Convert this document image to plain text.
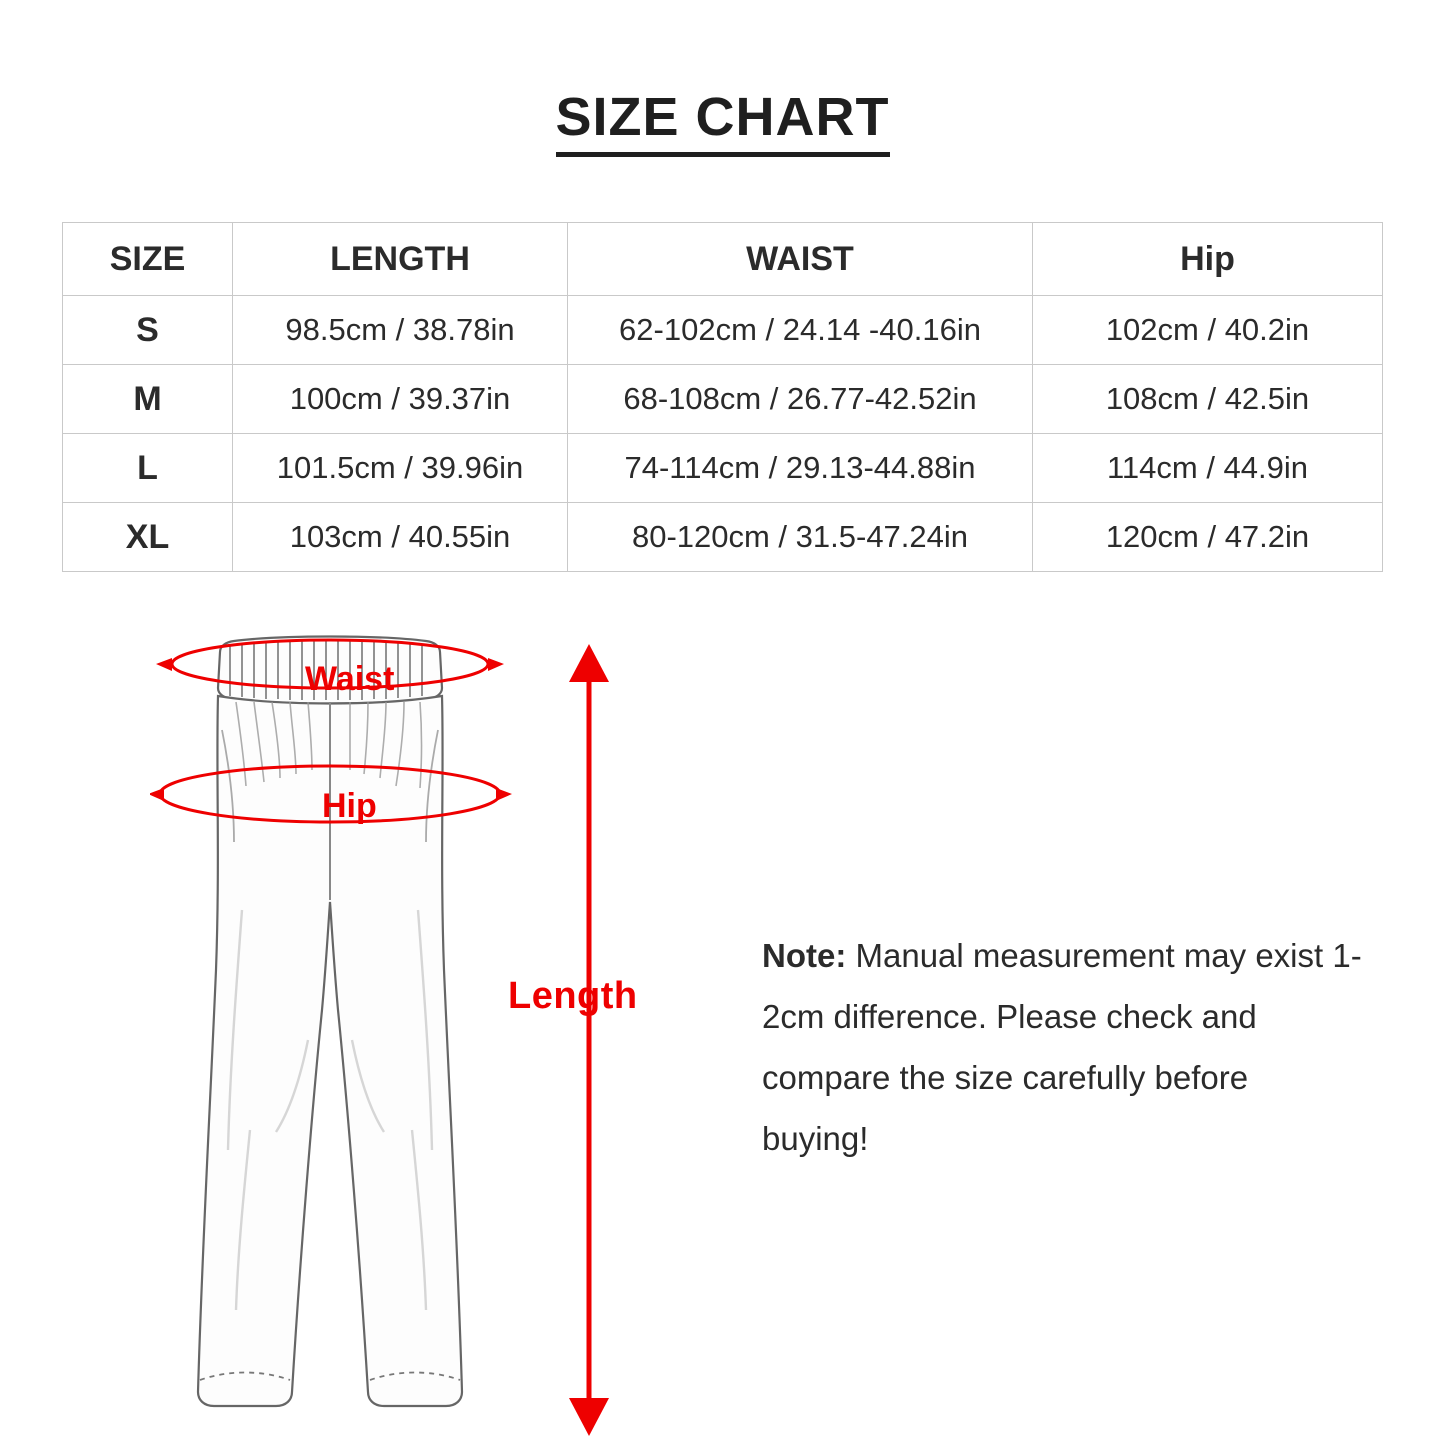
SIZE CHART
SIZE	LENGTH	WAIST	Hip
S	98.5cm / 38.78in	62-102cm / 24.14 -40.16in	102cm / 40.2in
M	100cm / 39.37in	68-108cm / 26.77-42.52in	108cm / 42.5in
L	101.5cm / 39.96in	74-114cm / 29.13-44.88in	114cm / 44.9in
XL	103cm / 40.55in	80-120cm / 31.5-47.24in	120cm / 47.2in
Waist
Hip
Length
Note: Manual measurement may exist 1-2cm difference. Please check and compare the size carefully before buying!
